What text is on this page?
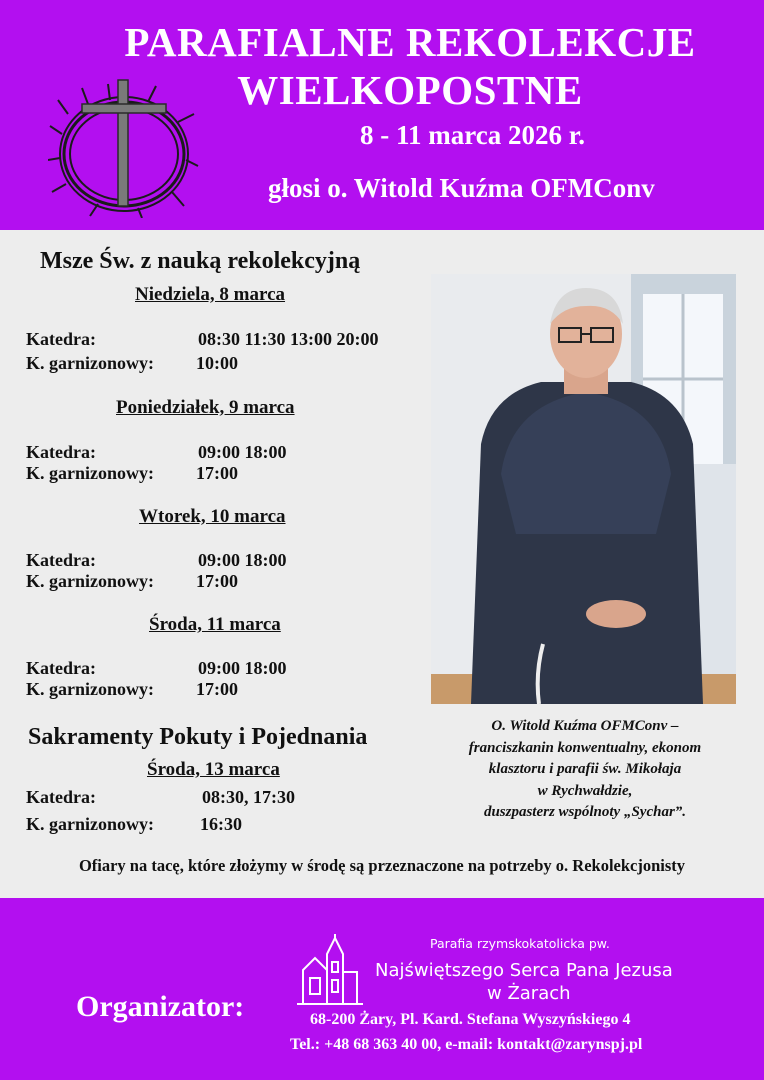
PARAFIALNE REKOLEKCJE
WIELKOPOSTNE
8 - 11 marca 2026 r.
głosi o. Witold Kuźma OFMConv
Msze Św. z nauką rekolekcyjną
Niedziela, 8 marca
Katedra:	08:30 11:30 13:00 20:00
K. garnizonowy: 10:00
Poniedziałek, 9 marca
Katedra:	09:00 18:00
K. garnizonowy: 17:00
Wtorek, 10 marca
Katedra:	09:00 18:00
K. garnizonowy: 17:00
Środa, 11 marca
Katedra:	09:00 18:00
K. garnizonowy: 17:00
Sakramenty Pokuty i Pojednania
Środa, 13 marca
Katedra:	08:30, 17:30
K. garnizonowy:	16:30
O. Witold Kuźma OFMConv –
franciszkanin konwentualny, ekonom
klasztoru i parafii św. Mikołaja
w Rychwałdzie,
duszpasterz wspólnoty „Sychar”.
Ofiary na tacę, które złożymy w środę są przeznaczone na potrzeby o. Rekolekcjonisty
Organizator:
Parafia rzymskokatolicka pw.
Najświętszego Serca Pana Jezusa
w Żarach
68-200 Żary, Pl. Kard. Stefana Wyszyńskiego 4
Tel.: +48 68 363 40 00, e-mail: kontakt@zarynspj.pl
